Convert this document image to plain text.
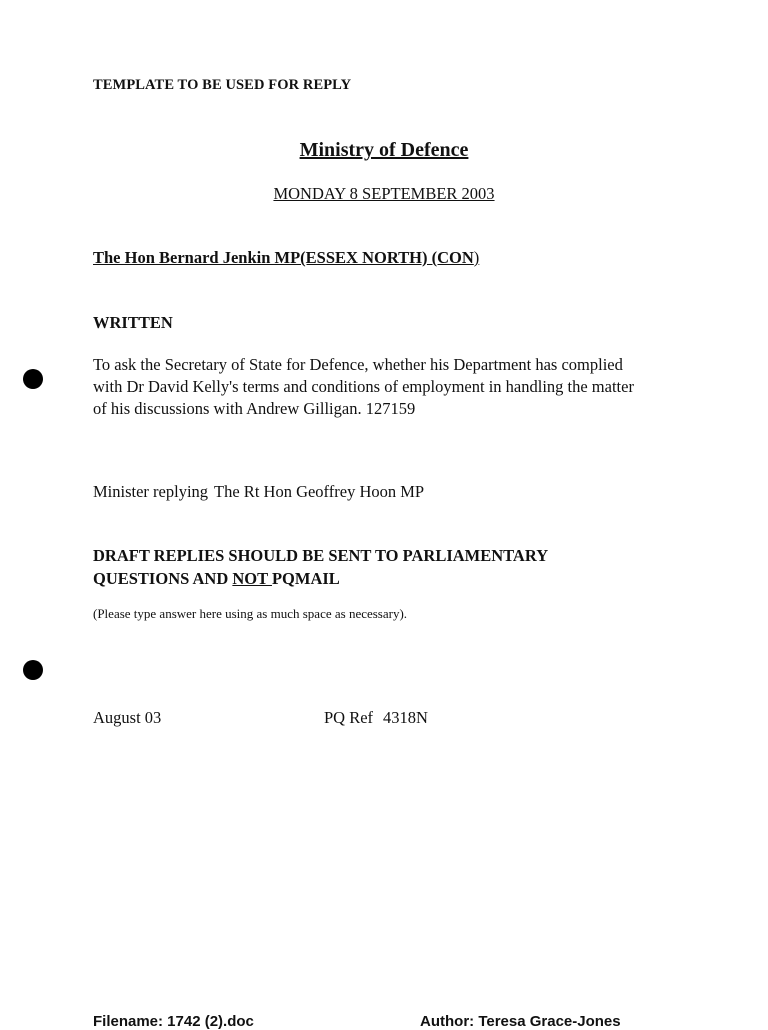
TEMPLATE TO BE USED FOR REPLY
Ministry of Defence
MONDAY 8 SEPTEMBER 2003
The Hon Bernard Jenkin MP(ESSEX NORTH) (CON)
WRITTEN
To ask the Secretary of State for Defence, whether his Department has complied
with Dr David Kelly's terms and conditions of employment in handling the matter
of his discussions with Andrew Gilligan. 127159
Minister replying The Rt Hon Geoffrey Hoon MP
DRAFT REPLIES SHOULD BE SENT TO PARLIAMENTARY
QUESTIONS AND NOT PQMAIL
(Please type answer here using as much space as necessary).
August 03	PQ Ref 4318N
Filename: 1742 (2).doc	Author: Teresa Grace-Jones
